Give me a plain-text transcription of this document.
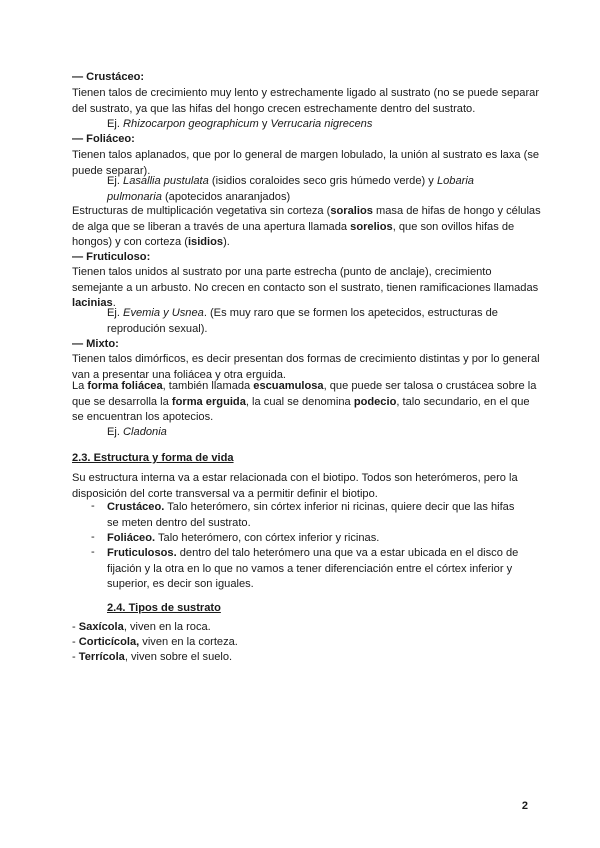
— Crustáceo:
Tienen talos de crecimiento muy lento y estrechamente ligado al sustrato (no se puede separar del sustrato, ya que las hifas del hongo crecen estrechamente dentro del sustrato.
Ej. Rhizocarpon geographicum y Verrucaria nigrecens
— Foliáceo:
Tienen talos aplanados, que por lo general de margen lobulado, la unión al sustrato es laxa (se puede separar).
Ej. Lasallia pustulata (isidios coraloides seco gris húmedo verde) y Lobaria pulmonaria (apotecidos anaranjados)
Estructuras de multiplicación vegetativa sin corteza (soralios masa de hifas de hongo y células de alga que se liberan a través de una apertura llamada sorelios, que son ovillos hifas de hongos) y con corteza (isidios).
— Fruticuloso:
Tienen talos unidos al sustrato por una parte estrecha (punto de anclaje), crecimiento semejante a un arbusto. No crecen en contacto son el sustrato, tienen ramificaciones llamadas lacinias.
Ej. Evemia y Usnea. (Es muy raro que se formen los apetecidos, estructuras de reprodución sexual).
— Mixto:
Tienen talos dimórficos, es decir presentan dos formas de crecimiento distintas y por lo general van a presentar una foliácea y otra erguida.
La forma foliácea, también llamada escuamulosa, que puede ser talosa o crustácea sobre la que se desarrolla la forma erguida, la cual se denomina podecio, talo secundario, en el que se encuentran los apotecios.
Ej. Cladonia
2.3. Estructura y forma de vida
Su estructura interna va a estar relacionada con el biotipo. Todos son heterómeros, pero la disposición del corte transversal va a permitir definir el biotipo.
- Crustáceo. Talo heterómero, sin córtex inferior ni ricinas, quiere decir que las hifas se meten dentro del sustrato.
- Foliáceo. Talo heterómero, con córtex inferior y ricinas.
- Fruticulosos. dentro del talo heterómero una que va a estar ubicada en el disco de fijación y la otra en lo que no vamos a tener diferenciación entre el córtex inferior y superior, es decir son iguales.
2.4. Tipos de sustrato
- Saxícola, viven en la roca.
- Corticícola, viven en la corteza.
- Terrícola, viven sobre el suelo.
2
